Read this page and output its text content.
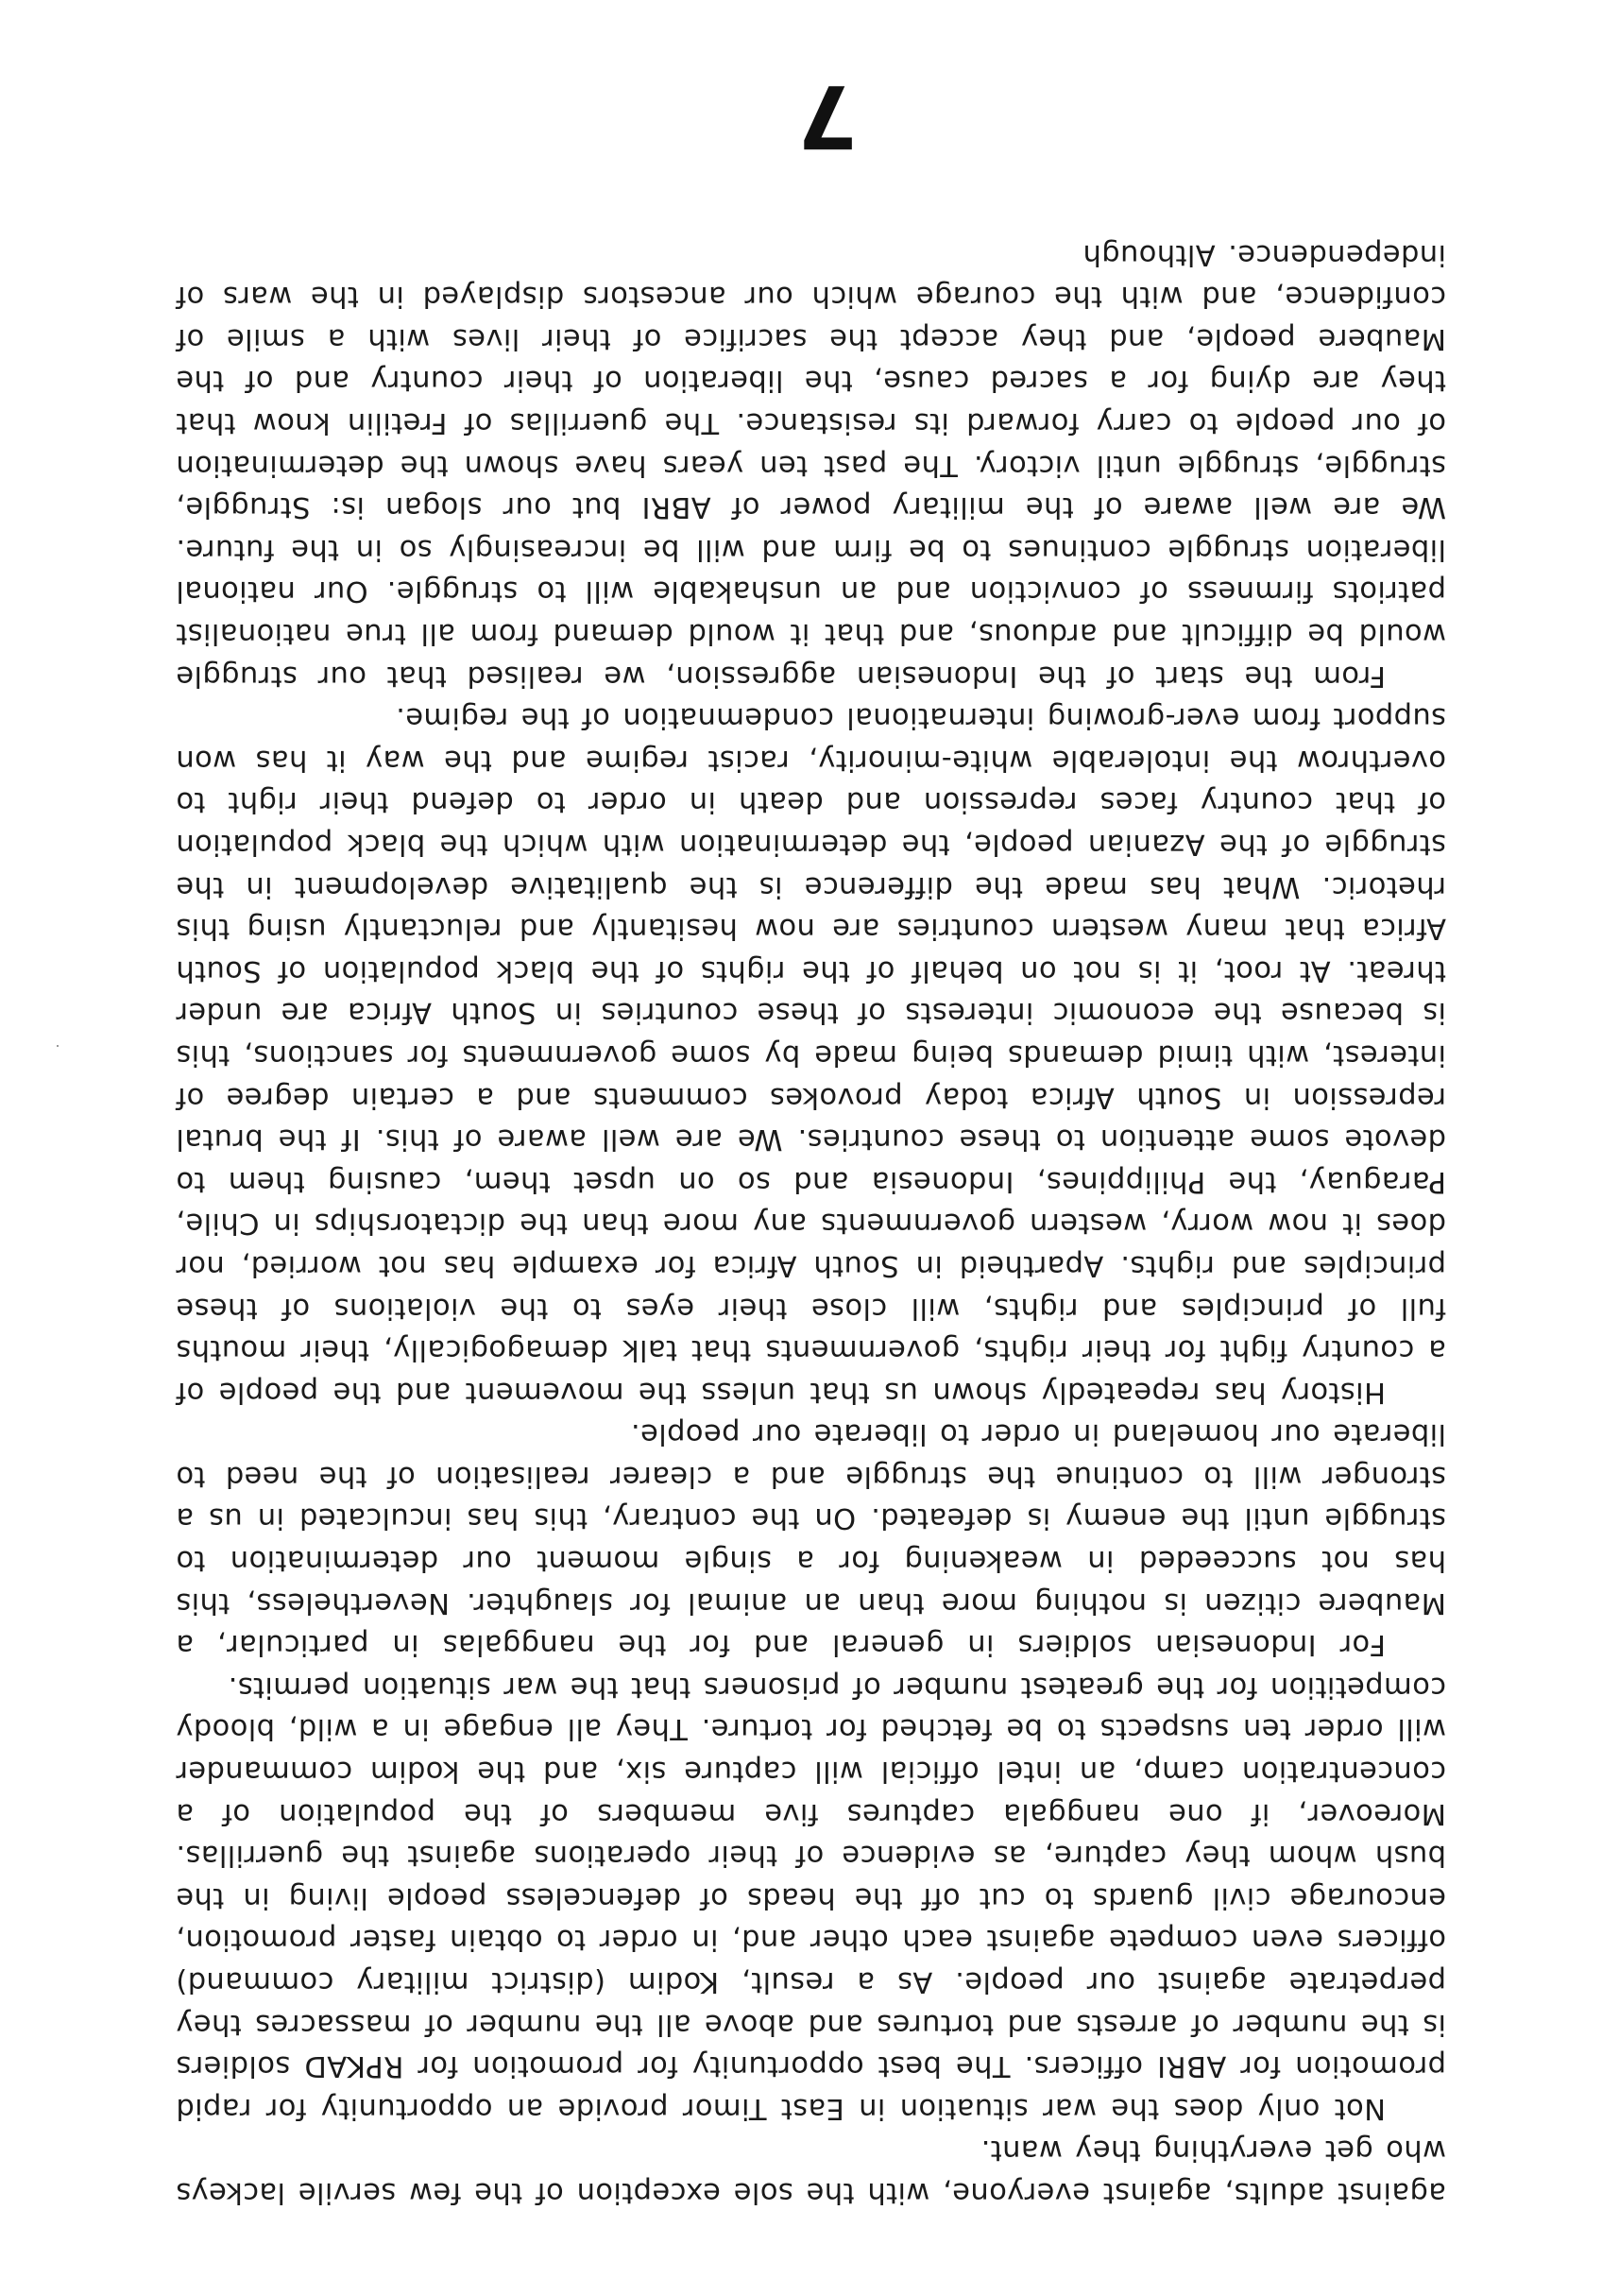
against adults, against everyone, with the sole exception of the few servile lackeys who get everything they want.

Not only does the war situation in East Timor provide an opportunity for rapid promotion for ABRI officers. The best opportunity for promotion for RPKAD soldiers is the number of arrests and tortures and above all the number of massacres they perpetrate against our people. As a result, Kodim (district military command) officers even compete against each other and, in order to obtain faster promotion, encourage civil guards to cut off the heads of defenceless people living in the bush whom they capture, as evidence of their operations against the guerrillas. Moreover, if one nanggala captures five members of the population of a concentration camp, an intel official will capture six, and the kodim commander will order ten suspects to be fetched for torture. They all engage in a wild, bloody competition for the greatest number of prisoners that the war situation permits.

For Indonesian soldiers in general and for the nanggalas in particular, a Maubere citizen is nothing more than an animal for slaughter. Nevertheless, this has not succeeded in weakening for a single moment our determination to struggle until the enemy is defeated. On the contrary, this has inculcated in us a stronger will to continue the struggle and a clearer realisation of the need to liberate our homeland in order to liberate our people.

History has repeatedly shown us that unless the movement and the people of a country fight for their rights, governments that talk demagogically, their mouths full of principles and rights, will close their eyes to the violations of these principles and rights. Apartheid in South Africa for example has not worried, nor does it now worry, western governments any more than the dictatorships in Chile, Paraguay, the Philippines, Indonesia and so on upset them, causing them to devote some attention to these countries. We are well aware of this. If the brutal repression in South Africa today provokes comments and a certain degree of interest, with timid demands being made by some governments for sanctions, this is because the economic interests of these countries in South Africa are under threat. At root, it is not on behalf of the rights of the black population of South Africa that many western countries are now hesitantly and reluctantly using this rhetoric. What has made the difference is the qualitative development in the struggle of the Azanian people, the determination with which the black population of that country faces repression and death in order to defend their right to overthrow the intolerable white-minority, racist regime and the way it has won support from ever-growing international condemnation of the regime.

From the start of the Indonesian aggression, we realised that our struggle would be difficult and arduous, and that it would demand from all true nationalist patriots firmness of conviction and an unshakable will to struggle. Our national liberation struggle continues to be firm and will be increasingly so in the future. We are well aware of the military power of ABRI but our slogan is: Struggle, struggle, struggle until victory. The past ten years have shown the determination of our people to carry forward its resistance. The guerrillas of Fretilin know that they are dying for a sacred cause, the liberation of their country and of the Maubere people, and they accept the sacrifice of their lives with a smile of confidence, and with the courage which our ancestors displayed in the wars of independence. Although

7
